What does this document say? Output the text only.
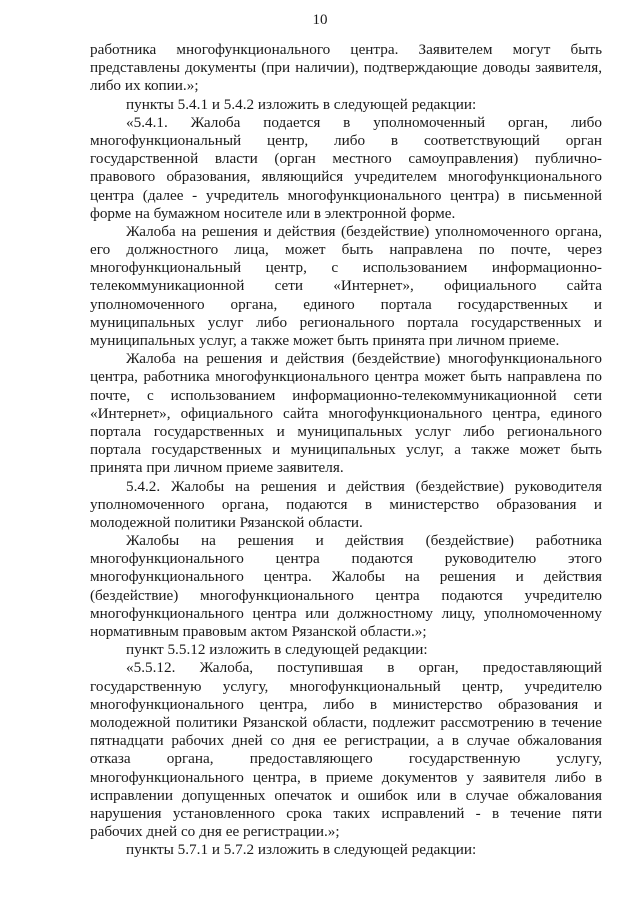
10
работника многофункционального центра. Заявителем могут быть
представлены документы (при наличии), подтверждающие доводы заявителя,
либо их копии.»;
пункты 5.4.1 и 5.4.2 изложить в следующей редакции:
«5.4.1. Жалоба подается в уполномоченный орган, либо
многофункциональный центр, либо в соответствующий орган
государственной власти (орган местного самоуправления) публично-
правового образования, являющийся учредителем многофункционального
центра (далее - учредитель многофункционального центра) в письменной
форме на бумажном носителе или в электронной форме.
Жалоба на решения и действия (бездействие) уполномоченного органа,
его должностного лица, может быть направлена по почте, через
многофункциональный центр, с использованием информационно-
телекоммуникационной сети «Интернет», официального сайта
уполномоченного органа, единого портала государственных и
муниципальных услуг либо регионального портала государственных и
муниципальных услуг, а также может быть принята при личном приеме.
Жалоба на решения и действия (бездействие) многофункционального
центра, работника многофункционального центра может быть направлена по
почте, с использованием информационно-телекоммуникационной сети
«Интернет», официального сайта многофункционального центра, единого
портала государственных и муниципальных услуг либо регионального
портала государственных и муниципальных услуг, а также может быть
принята при личном приеме заявителя.
5.4.2. Жалобы на решения и действия (бездействие) руководителя
уполномоченного органа, подаются в министерство образования и
молодежной политики Рязанской области.
Жалобы на решения и действия (бездействие) работника
многофункционального центра подаются руководителю этого
многофункционального центра. Жалобы на решения и действия
(бездействие) многофункционального центра подаются учредителю
многофункционального центра или должностному лицу, уполномоченному
нормативным правовым актом Рязанской области.»;
пункт 5.5.12 изложить в следующей редакции:
«5.5.12. Жалоба, поступившая в орган, предоставляющий
государственную услугу, многофункциональный центр, учредителю
многофункционального центра, либо в министерство образования и
молодежной политики Рязанской области, подлежит рассмотрению в течение
пятнадцати рабочих дней со дня ее регистрации, а в случае обжалования
отказа органа, предоставляющего государственную услугу,
многофункционального центра, в приеме документов у заявителя либо в
исправлении допущенных опечаток и ошибок или в случае обжалования
нарушения установленного срока таких исправлений - в течение пяти
рабочих дней со дня ее регистрации.»;
пункты 5.7.1 и 5.7.2 изложить в следующей редакции:
